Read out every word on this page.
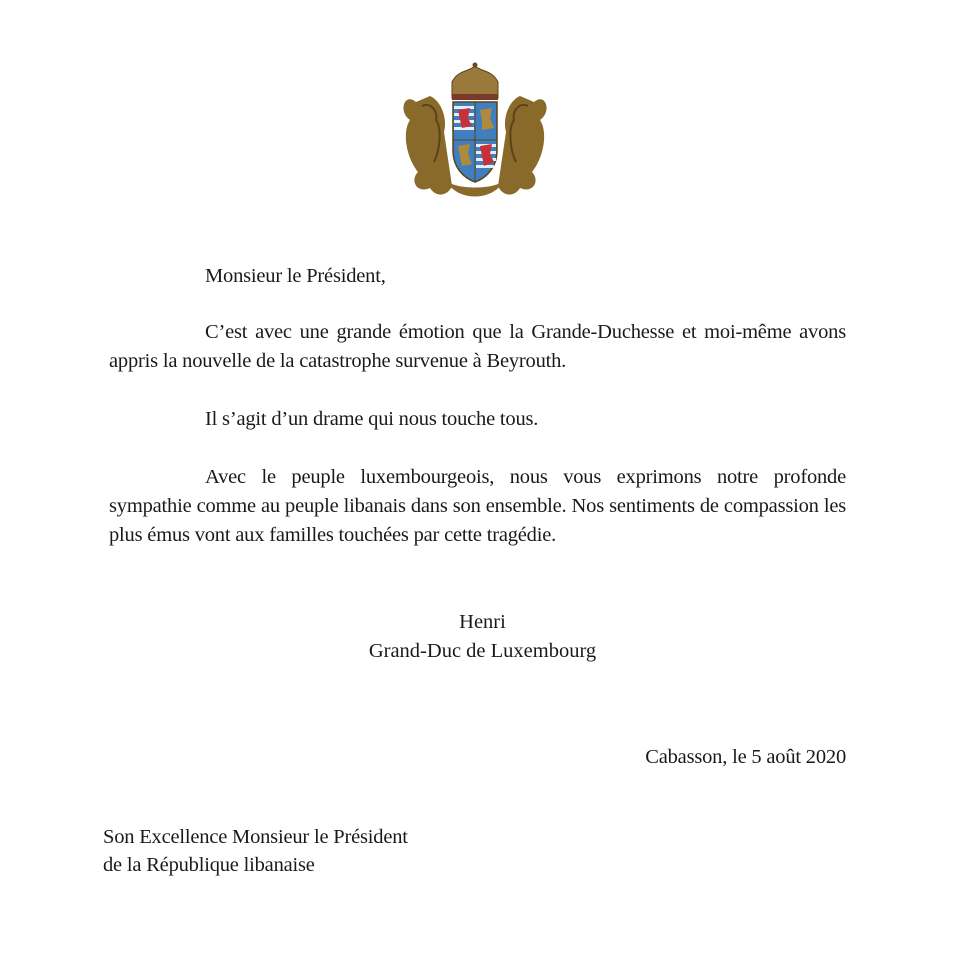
Monsieur le Président,
C’est avec une grande émotion que la Grande-Duchesse et moi-même avons appris la nouvelle de la catastrophe survenue à Beyrouth.
Il s’agit d’un drame qui nous touche tous.
Avec le peuple luxembourgeois, nous vous exprimons notre profonde sympathie comme au peuple libanais dans son ensemble. Nos sentiments de compassion les plus émus vont aux familles touchées par cette tragédie.
Henri
Grand-Duc de Luxembourg
Cabasson, le 5 août 2020
Son Excellence Monsieur le Président
de la République libanaise
